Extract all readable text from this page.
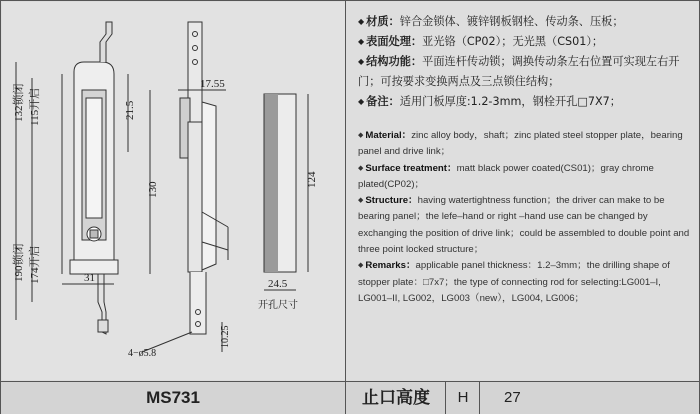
132锁闭 115开启	21.5
130
190锁闭 174开启	31
17.55
124
24.5
开孔尺寸
4−ø5.8
10.25
◆ 材质：锌合金锁体、镀锌钢板钢栓、传动条、压板；
◆ 表面处理：亚光铬（CP02）；无光黑（CS01）；
◆ 结构功能：平面连杆传动锁；调换传动条左右位置可实现左右开门；可按要求变换两点及三点锁住结构；
◆ 备注：适用门板厚度:1.2-3mm，钢栓开孔□7X7；
◆ Material：zinc alloy body，shaft；zinc plated steel stopper plate，bearing panel and drive link；
◆ Surface treatment：matt black power coated(CS01)；gray chrome plated(CP02)；
◆ Structure：having watertightness function；the driver can make to be bearing panel；the lefe–hand or right –hand use can be changed by exchanging the position of drive link；could be assembled to double point and three point locked structure；
◆ Remarks：applicable panel thickness：1.2–3mm；the drilling shape of stopper plate：□7x7；the type of connecting rod for selecting:LG001–I, LG001–II, LG002，LG003（new），LG004, LG006；
MS731	止口高度	H	27
